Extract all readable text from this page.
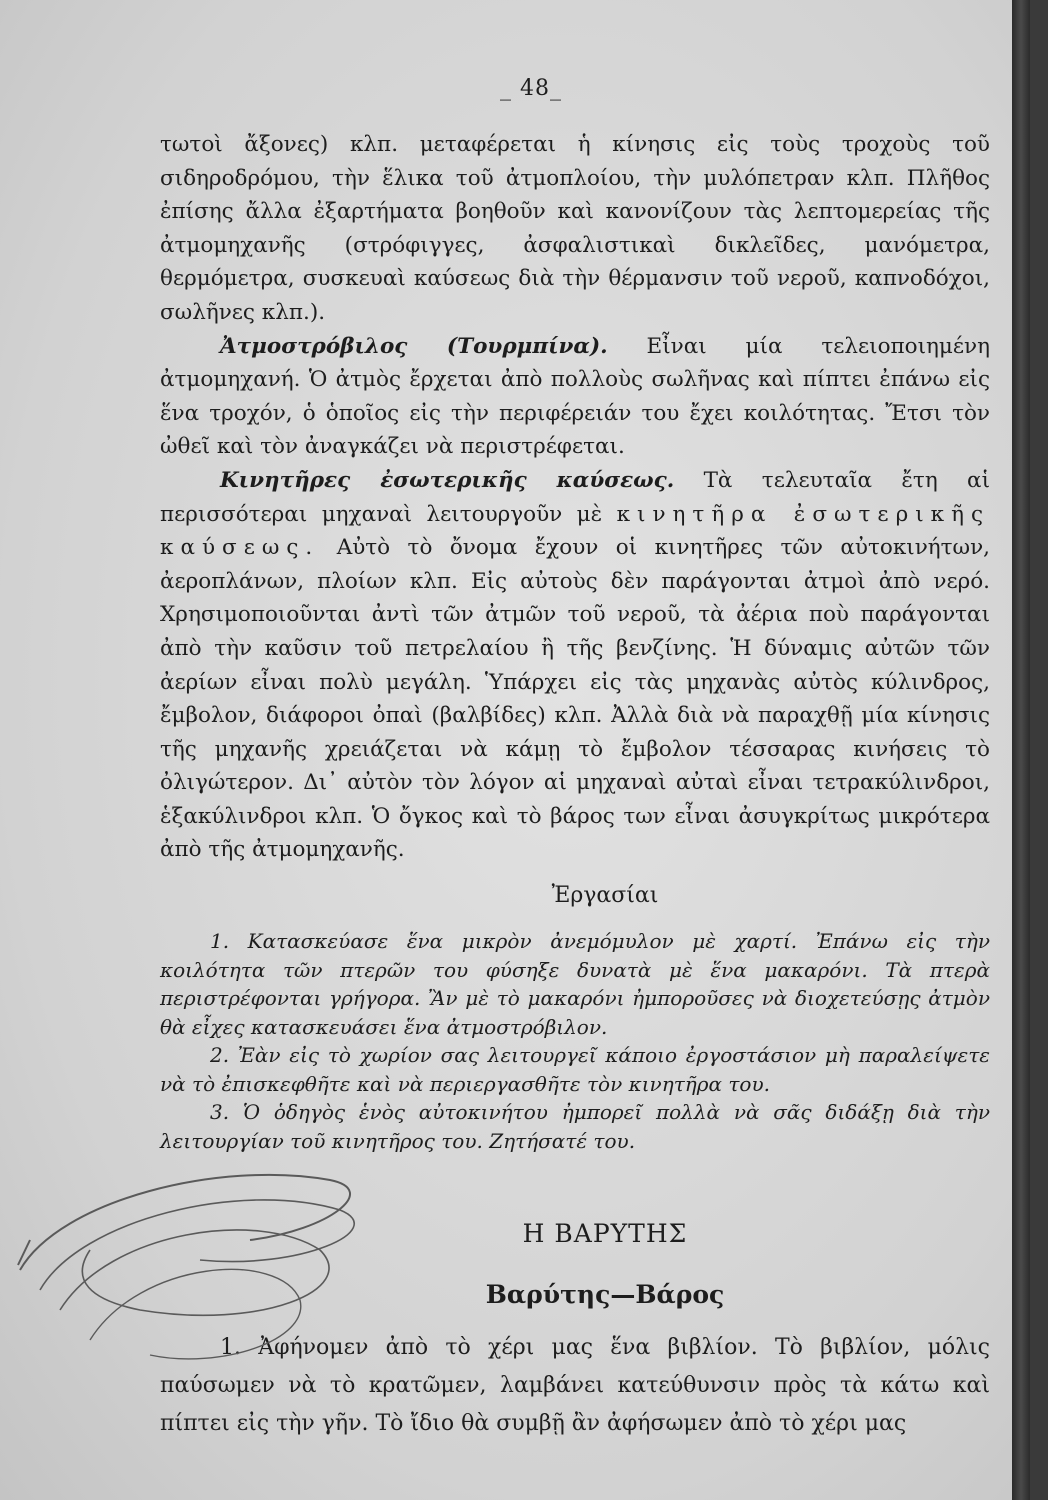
_ 48_

τωτοὶ ἄξονες) κλπ. μεταφέρεται ἡ κίνησις εἰς τοὺς τροχοὺς τοῦ σιδηροδρόμου, τὴν ἕλικα τοῦ ἀτμοπλοίου, τὴν μυλόπετραν κλπ. Πλῆθος ἐπίσης ἄλλα ἐξαρτήματα βοηθοῦν καὶ κανονίζουν τὰς λεπτομερείας τῆς ἀτμομηχανῆς (στρόφιγγες, ἀσφαλιστικαὶ δικλεῖδες, μανόμετρα, θερμόμετρα, συσκευαὶ καύσεως διὰ τὴν θέρμανσιν τοῦ νεροῦ, καπνοδόχοι, σωλῆνες κλπ.).

Ἀτμοστρόβιλος (Τουρμπίνα). Εἶναι μία τελειοποιημένη ἀτμομηχανή. Ὁ ἀτμὸς ἔρχεται ἀπὸ πολλοὺς σωλῆνας καὶ πίπτει ἐπάνω εἰς ἕνα τροχόν, ὁ ὁποῖος εἰς τὴν περιφέρειάν του ἔχει κοιλότητας. Ἔτσι τὸν ὠθεῖ καὶ τὸν ἀναγκάζει νὰ περιστρέφεται.

Κινητῆρες ἐσωτερικῆς καύσεως. Τὰ τελευταῖα ἔτη αἱ περισσότεραι μηχαναὶ λειτουργοῦν μὲ κινητῆρα ἐσωτερικῆς καύσεως. Αὐτὸ τὸ ὄνομα ἔχουν οἱ κινητῆρες τῶν αὐτοκινήτων, ἀεροπλάνων, πλοίων κλπ. Εἰς αὐτοὺς δὲν παράγονται ἀτμοὶ ἀπὸ νερό. Χρησιμοποιοῦνται ἀντὶ τῶν ἀτμῶν τοῦ νεροῦ, τὰ ἀέρια ποὺ παράγονται ἀπὸ τὴν καῦσιν τοῦ πετρελαίου ἢ τῆς βενζίνης. Ἡ δύναμις αὐτῶν τῶν ἀερίων εἶναι πολὺ μεγάλη. Ὑπάρχει εἰς τὰς μηχανὰς αὐτὸς κύλινδρος, ἔμβολον, διάφοροι ὀπαὶ (βαλβίδες) κλπ. Ἀλλὰ διὰ νὰ παραχθῇ μία κίνησις τῆς μηχανῆς χρειάζεται νὰ κάμῃ τὸ ἔμβολον τέσσαρας κινήσεις τὸ ὀλιγώτερον. Δι᾿ αὐτὸν τὸν λόγον αἱ μηχαναὶ αὐταὶ εἶναι τετρακύλινδροι, ἑξακύλινδροι κλπ. Ὁ ὄγκος καὶ τὸ βάρος των εἶναι ἀσυγκρίτως μικρότερα ἀπὸ τῆς ἀτμομηχανῆς.

Ἐργασίαι

1. Κατασκεύασε ἕνα μικρὸν ἀνεμόμυλον μὲ χαρτί. Ἐπάνω εἰς τὴν κοιλότητα τῶν πτερῶν του φύσηξε δυνατὰ μὲ ἕνα μακαρόνι. Τὰ πτερὰ περιστρέφονται γρήγορα. Ἂν μὲ τὸ μακαρόνι ἠμποροῦσες νὰ διοχετεύσῃς ἀτμὸν θὰ εἶχες κατασκευάσει ἕνα ἀτμοστρόβιλον.

2. Ἐὰν εἰς τὸ χωρίον σας λειτουργεῖ κάποιο ἐργοστάσιον μὴ παραλείψετε νὰ τὸ ἐπισκεφθῆτε καὶ νὰ περιεργασθῆτε τὸν κινητῆρα του.

3. Ὁ ὁδηγὸς ἑνὸς αὐτοκινήτου ἠμπορεῖ πολλὰ νὰ σᾶς διδάξῃ διὰ τὴν λειτουργίαν τοῦ κινητῆρος του. Ζητήσατέ του.

Η ΒΑΡΥΤΗΣ
Βαρύτης—Βάρος

1. Ἀφήνομεν ἀπὸ τὸ χέρι μας ἕνα βιβλίον. Τὸ βιβλίον, μόλις παύσωμεν νὰ τὸ κρατῶμεν, λαμβάνει κατεύθυνσιν πρὸς τὰ κάτω καὶ πίπτει εἰς τὴν γῆν. Τὸ ἴδιο θὰ συμβῇ ἂν ἀφήσωμεν ἀπὸ τὸ χέρι μας
